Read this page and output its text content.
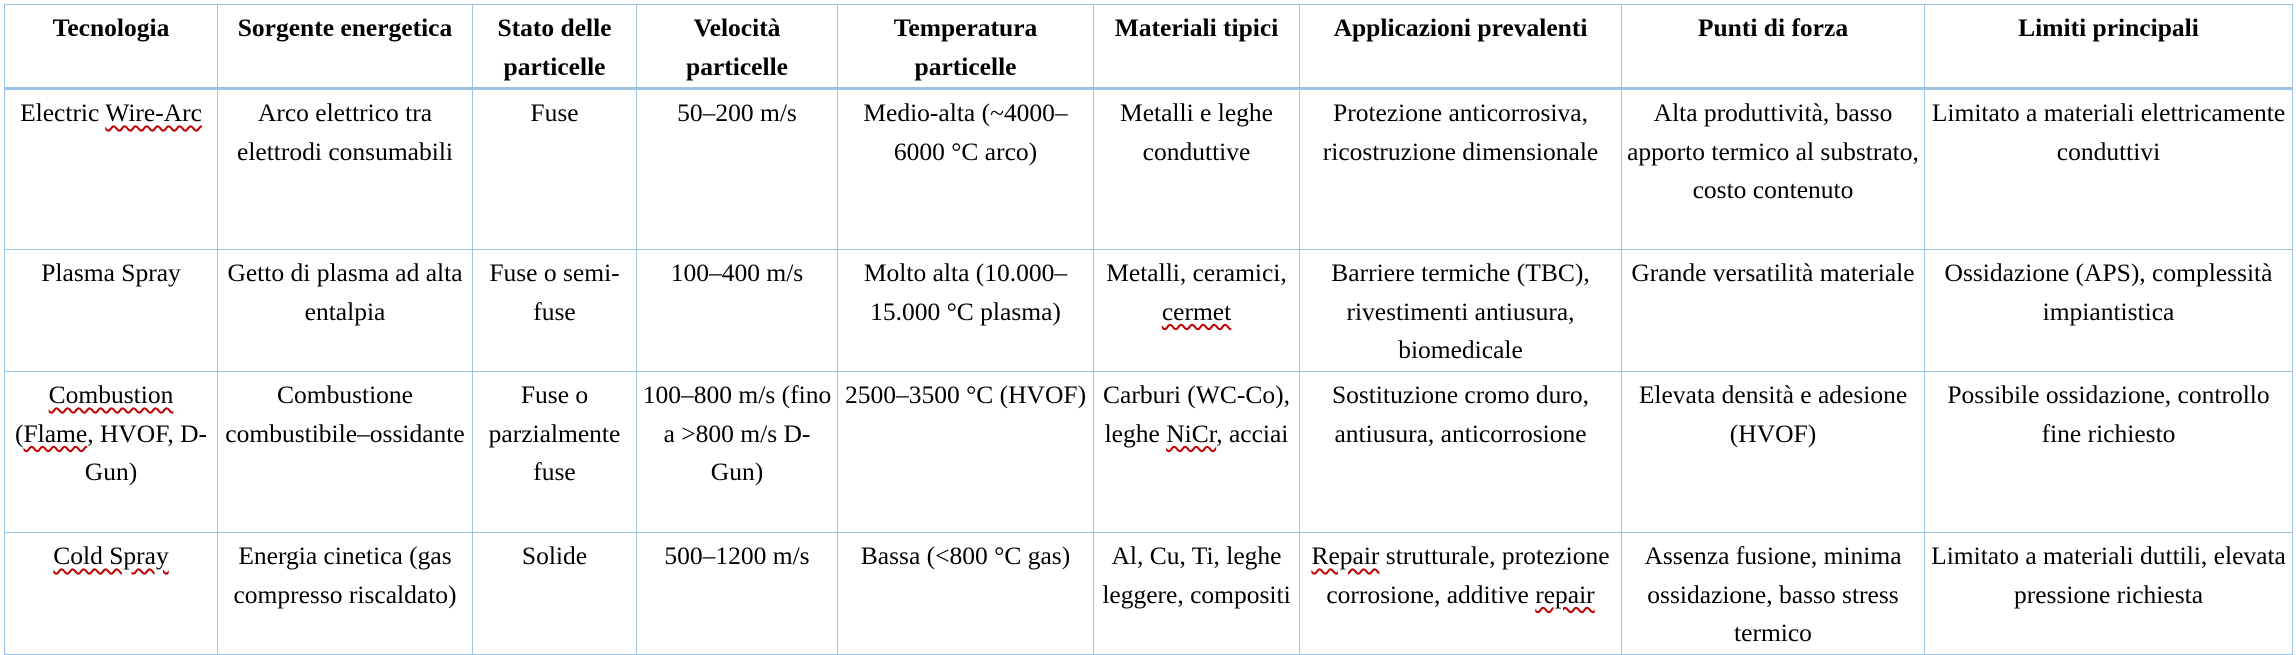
Tecnologia	Sorgente energetica	Stato delle particelle	Velocità particelle	Temperatura particelle	Materiali tipici	Applicazioni prevalenti	Punti di forza	Limiti principali
Electric Wire-Arc	Arco elettrico tra elettrodi consumabili	Fuse	50–200 m/s	Medio-alta (~4000–6000 °C arco)	Metalli e leghe conduttive	Protezione anticorrosiva, ricostruzione dimensionale	Alta produttività, basso apporto termico al substrato, costo contenuto	Limitato a materiali elettricamente conduttivi
Plasma Spray	Getto di plasma ad alta entalpia	Fuse o semi-fuse	100–400 m/s	Molto alta (10.000–15.000 °C plasma)	Metalli, ceramici, cermet	Barriere termiche (TBC), rivestimenti antiusura, biomedicale	Grande versatilità materiale	Ossidazione (APS), complessità impiantistica
Combustion (Flame, HVOF, D-Gun)	Combustione combustibile–ossidante	Fuse o parzialmente fuse	100–800 m/s (fino a >800 m/s D-Gun)	2500–3500 °C (HVOF)	Carburi (WC-Co), leghe NiCr, acciai	Sostituzione cromo duro, antiusura, anticorrosione	Elevata densità e adesione (HVOF)	Possibile ossidazione, controllo fine richiesto
Cold Spray	Energia cinetica (gas compresso riscaldato)	Solide	500–1200 m/s	Bassa (<800 °C gas)	Al, Cu, Ti, leghe leggere, compositi	Repair strutturale, protezione corrosione, additive repair	Assenza fusione, minima ossidazione, basso stress termico	Limitato a materiali duttili, elevata pressione richiesta
